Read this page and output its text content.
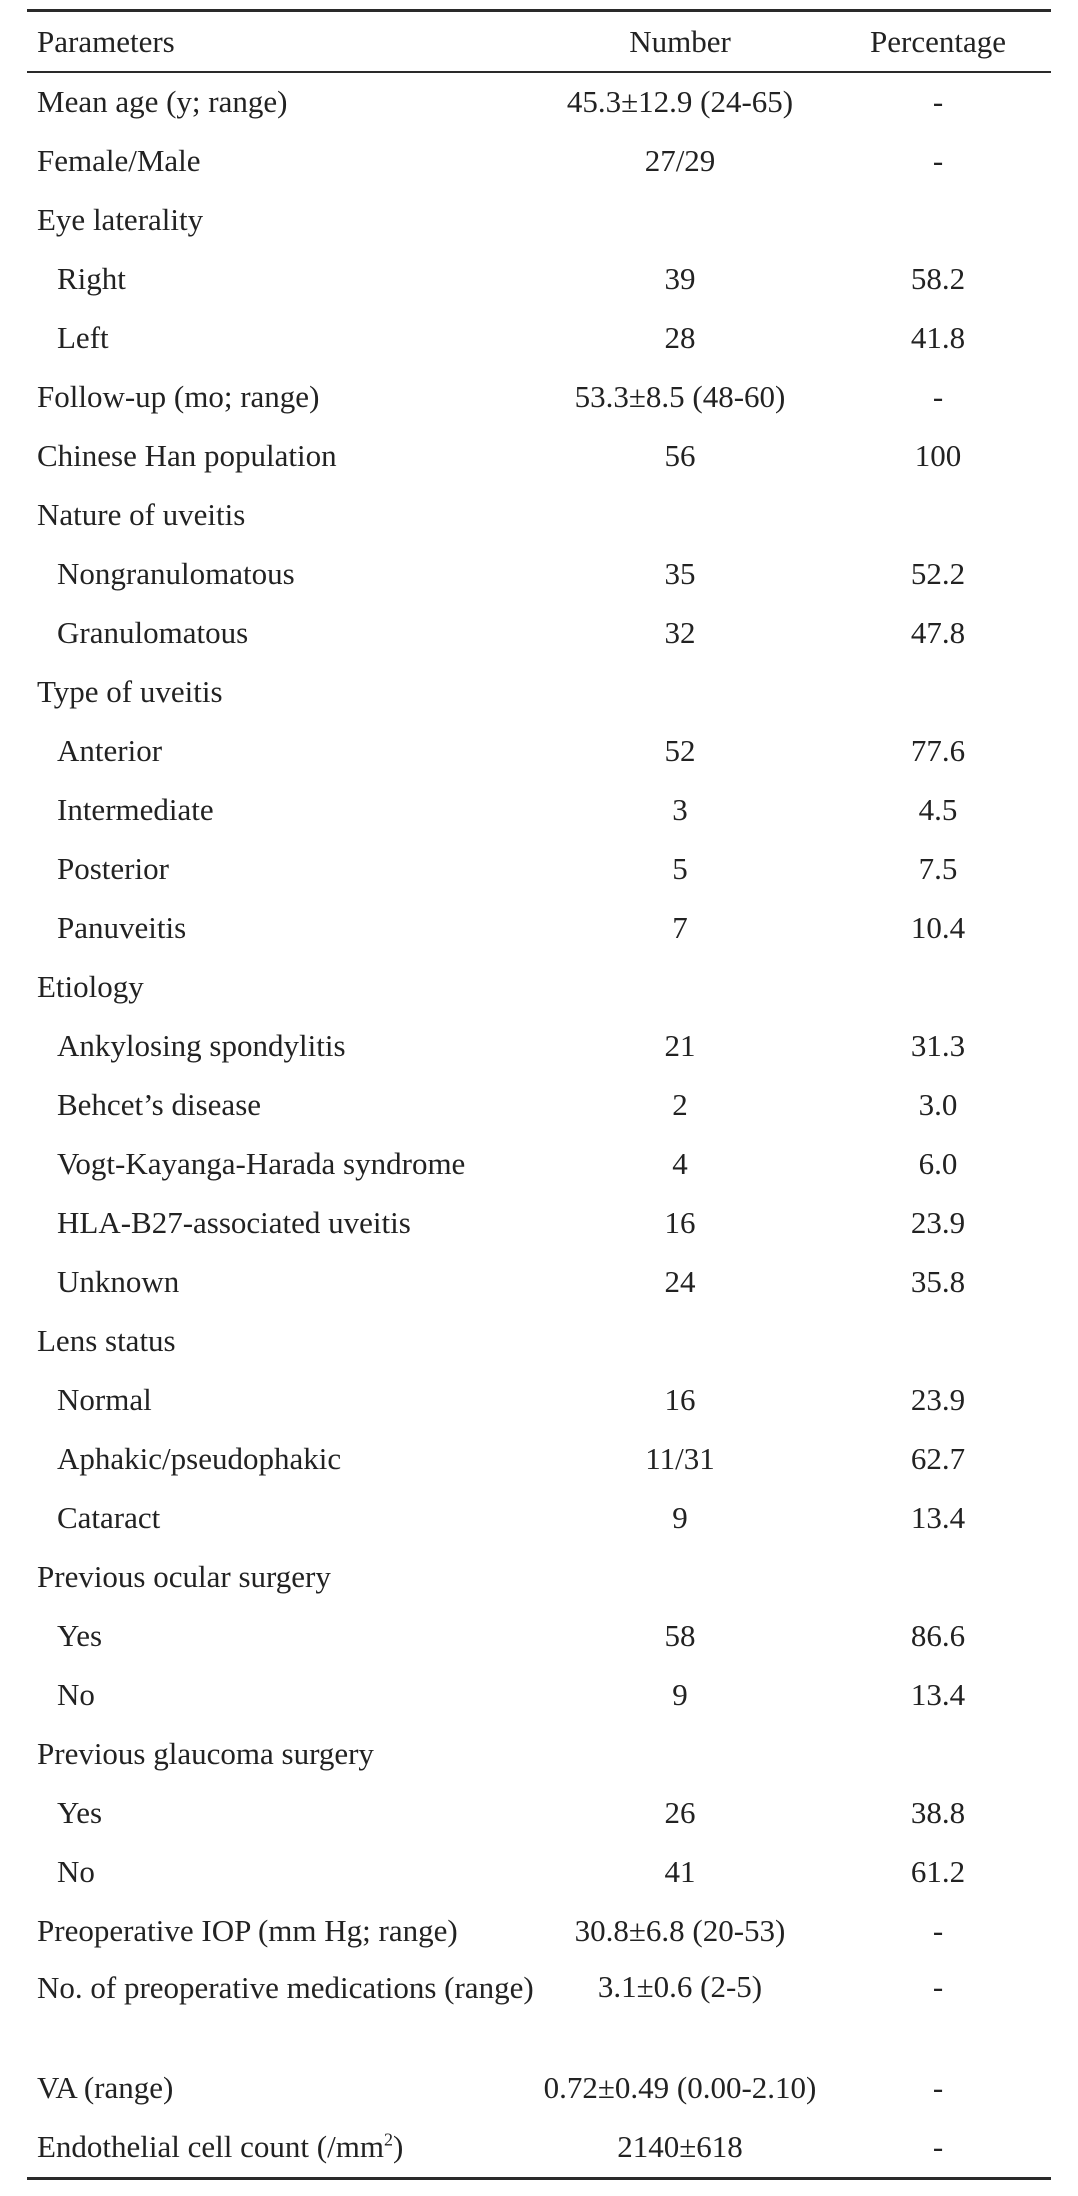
Parameters	Number	Percentage
Mean age (y; range)	45.3±12.9 (24-65)	-
Female/Male	27/29	-
Eye laterality		
Right	39	58.2
Left	28	41.8
Follow-up (mo; range)	53.3±8.5 (48-60)	-
Chinese Han population	56	100
Nature of uveitis		
Nongranulomatous	35	52.2
Granulomatous	32	47.8
Type of uveitis		
Anterior	52	77.6
Intermediate	3	4.5
Posterior	5	7.5
Panuveitis	7	10.4
Etiology		
Ankylosing spondylitis	21	31.3
Behcet’s disease	2	3.0
Vogt-Kayanga-Harada syndrome	4	6.0
HLA-B27-associated uveitis	16	23.9
Unknown	24	35.8
Lens status		
Normal	16	23.9
Aphakic/pseudophakic	11/31	62.7
Cataract	9	13.4
Previous ocular surgery		
Yes	58	86.6
No	9	13.4
Previous glaucoma surgery		
Yes	26	38.8
No	41	61.2
Preoperative IOP (mm Hg; range)	30.8±6.8 (20-53)	-
No. of preoperative medications (range)	3.1±0.6 (2-5)	-
VA (range)	0.72±0.49 (0.00-2.10)	-
Endothelial cell count $(/mm^2)$	2140±618	-
